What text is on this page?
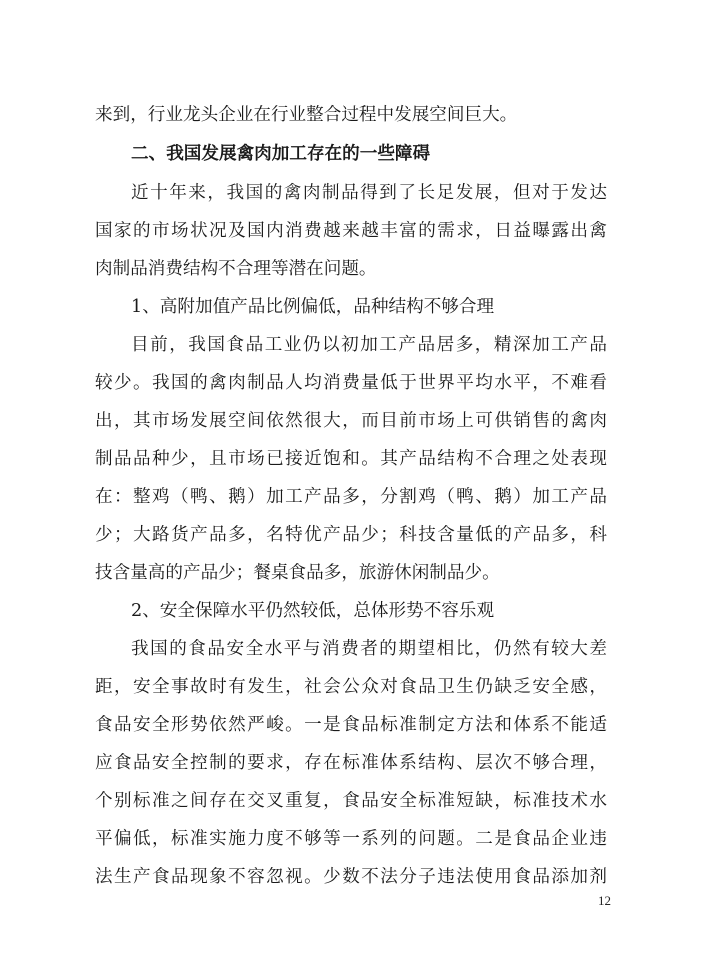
来到，行业龙头企业在行业整合过程中发展空间巨大。
二、我国发展禽肉加工存在的一些障碍
近十年来，我国的禽肉制品得到了长足发展，但对于发达
国家的市场状况及国内消费越来越丰富的需求，日益曝露出禽
肉制品消费结构不合理等潜在问题。
1、高附加值产品比例偏低，品种结构不够合理
目前，我国食品工业仍以初加工产品居多，精深加工产品
较少。我国的禽肉制品人均消费量低于世界平均水平，不难看
出，其市场发展空间依然很大，而目前市场上可供销售的禽肉
制品品种少，且市场已接近饱和。其产品结构不合理之处表现
在：整鸡（鸭、鹅）加工产品多，分割鸡（鸭、鹅）加工产品
少；大路货产品多，名特优产品少；科技含量低的产品多，科
技含量高的产品少；餐桌食品多，旅游休闲制品少。
2、安全保障水平仍然较低，总体形势不容乐观
我国的食品安全水平与消费者的期望相比，仍然有较大差
距，安全事故时有发生，社会公众对食品卫生仍缺乏安全感，
食品安全形势依然严峻。一是食品标准制定方法和体系不能适
应食品安全控制的要求，存在标准体系结构、层次不够合理，
个别标准之间存在交叉重复，食品安全标准短缺，标准技术水
平偏低，标准实施力度不够等一系列的问题。二是食品企业违
法生产食品现象不容忽视。少数不法分子违法使用食品添加剂
12
